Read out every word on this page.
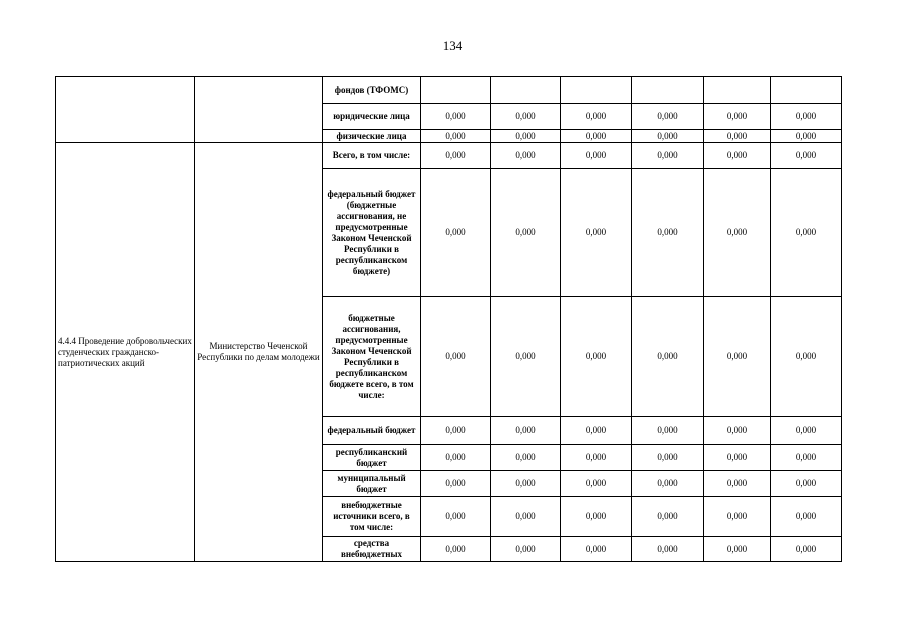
134
		фондов (ТФОМС)						
		юридические лица	0,000	0,000	0,000	0,000	0,000	0,000
		физические лица	0,000	0,000	0,000	0,000	0,000	0,000
4.4.4 Проведение добровольческих студенческих гражданско-патриотических акций	Министерство Чеченской Республики по делам молодежи	Всего, в том числе:	0,000	0,000	0,000	0,000	0,000	0,000
		федеральный бюджет (бюджетные ассигнования, не предусмотренные Законом Чеченской Республики в республиканском бюджете)	0,000	0,000	0,000	0,000	0,000	0,000
		бюджетные ассигнования, предусмотренные Законом Чеченской Республики в республиканском бюджете всего, в том числе:	0,000	0,000	0,000	0,000	0,000	0,000
		федеральный бюджет	0,000	0,000	0,000	0,000	0,000	0,000
		республиканский бюджет	0,000	0,000	0,000	0,000	0,000	0,000
		муниципальный бюджет	0,000	0,000	0,000	0,000	0,000	0,000
		внебюджетные источники всего, в том числе:	0,000	0,000	0,000	0,000	0,000	0,000
		средства внебюджетных	0,000	0,000	0,000	0,000	0,000	0,000
